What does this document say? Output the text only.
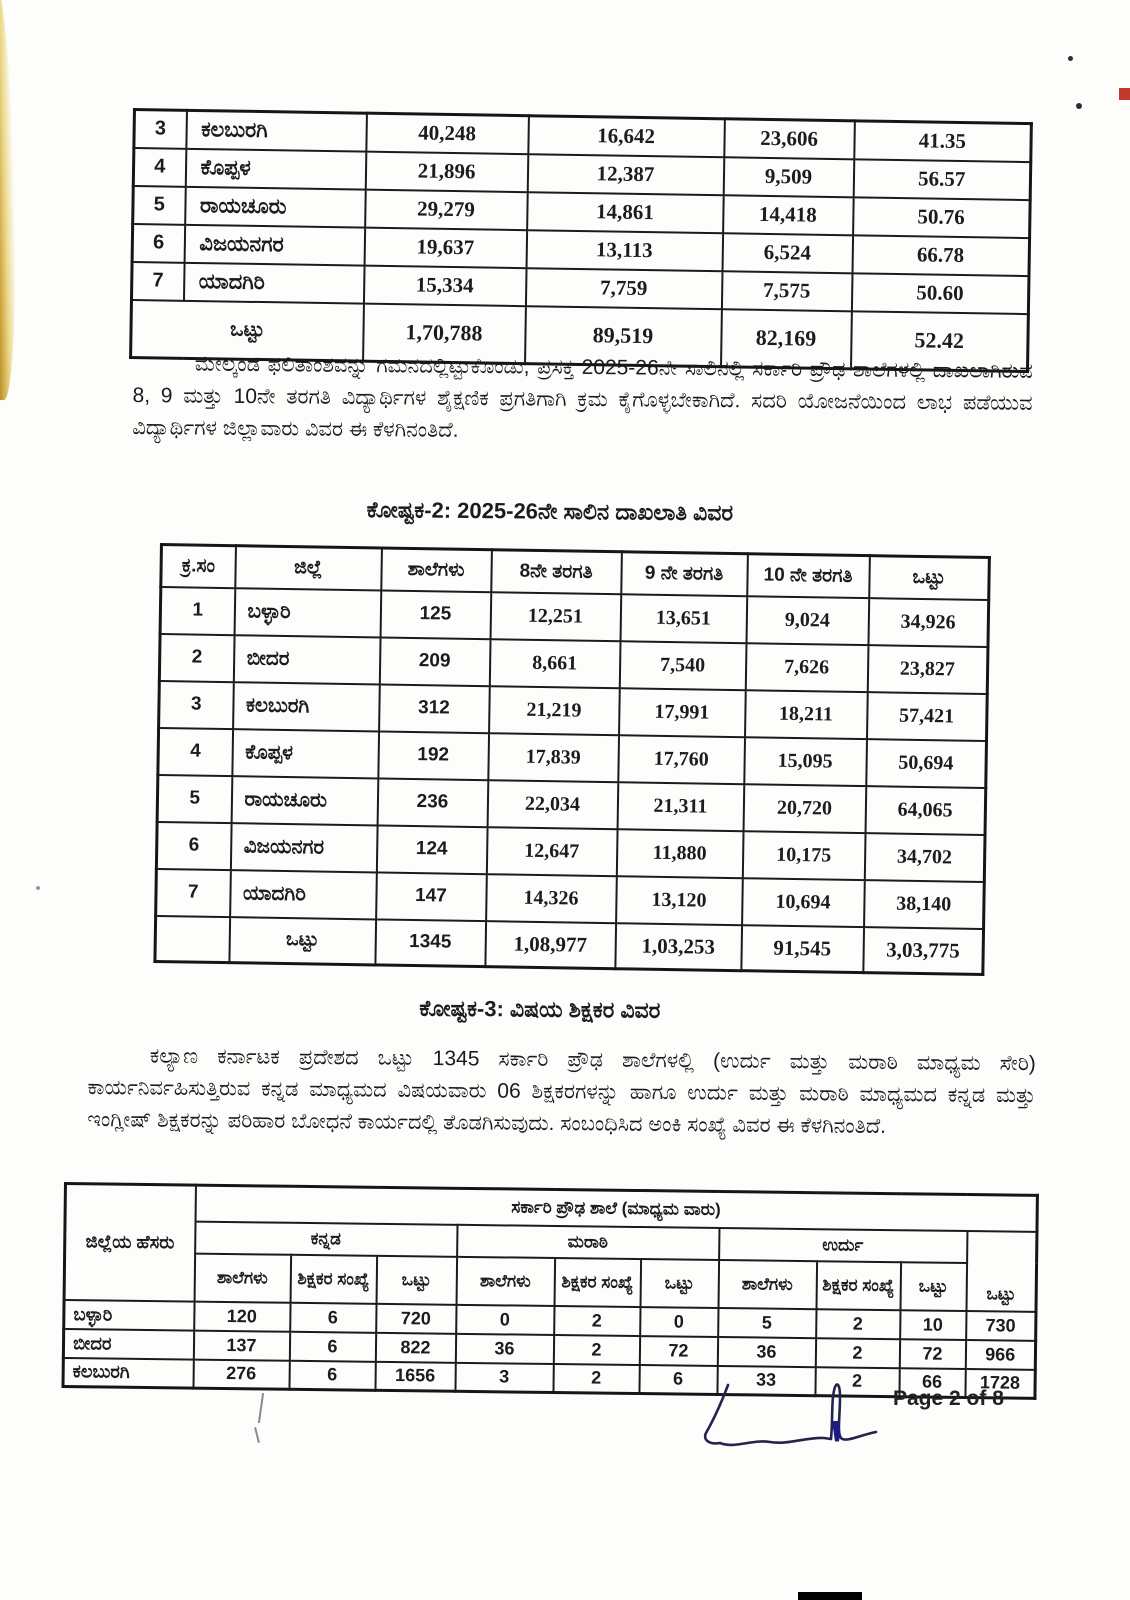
3	ಕಲಬುರಗಿ	40,248	16,642	23,606	41.35
4	ಕೊಪ್ಪಳ	21,896	12,387	9,509	56.57
5	ರಾಯಚೂರು	29,279	14,861	14,418	50.76
6	ವಿಜಯನಗರ	19,637	13,113	6,524	66.78
7	ಯಾದಗಿರಿ	15,334	7,759	7,575	50.60
ಒಟ್ಟು		1,70,788	89,519	82,169	52.42

ಮೇಲ್ಕಂಡ ಫಲಿತಾಂಶವನ್ನು ಗಮನದಲ್ಲಿಟ್ಟುಕೊಂಡು, ಪ್ರಸಕ್ತ 2025-26ನೇ ಸಾಲಿನಲ್ಲಿ ಸರ್ಕಾರಿ ಪ್ರೌಢ ಶಾಲೆಗಳಲ್ಲಿ ದಾಖಲಾಗಿರುವ 8, 9 ಮತ್ತು 10ನೇ ತರಗತಿ ವಿದ್ಯಾರ್ಥಿಗಳ ಶೈಕ್ಷಣಿಕ ಪ್ರಗತಿಗಾಗಿ ಕ್ರಮ ಕೈಗೊಳ್ಳಬೇಕಾಗಿದೆ. ಸದರಿ ಯೋಜನೆಯಿಂದ ಲಾಭ ಪಡೆಯುವ ವಿದ್ಯಾರ್ಥಿಗಳ ಜಿಲ್ಲಾವಾರು ವಿವರ ಈ ಕೆಳಗಿನಂತಿದೆ.

ಕೋಷ್ಟಕ-2: 2025-26ನೇ ಸಾಲಿನ ದಾಖಲಾತಿ ವಿವರ
ಕ್ರ.ಸಂ	ಜಿಲ್ಲೆ	ಶಾಲೆಗಳು	8ನೇ ತರಗತಿ	9 ನೇ ತರಗತಿ	10 ನೇ ತರಗತಿ	ಒಟ್ಟು
1	ಬಳ್ಳಾರಿ	125	12,251	13,651	9,024	34,926
2	ಬೀದರ	209	8,661	7,540	7,626	23,827
3	ಕಲಬುರಗಿ	312	21,219	17,991	18,211	57,421
4	ಕೊಪ್ಪಳ	192	17,839	17,760	15,095	50,694
5	ರಾಯಚೂರು	236	22,034	21,311	20,720	64,065
6	ವಿಜಯನಗರ	124	12,647	11,880	10,175	34,702
7	ಯಾದಗಿರಿ	147	14,326	13,120	10,694	38,140
	ಒಟ್ಟು	1345	1,08,977	1,03,253	91,545	3,03,775
ಕೋಷ್ಟಕ-3: ವಿಷಯ ಶಿಕ್ಷಕರ ವಿವರ

ಕಲ್ಯಾಣ ಕರ್ನಾಟಕ ಪ್ರದೇಶದ ಒಟ್ಟು 1345 ಸರ್ಕಾರಿ ಪ್ರೌಢ ಶಾಲೆಗಳಲ್ಲಿ (ಉರ್ದು ಮತ್ತು ಮರಾಠಿ ಮಾಧ್ಯಮ ಸೇರಿ) ಕಾರ್ಯನಿರ್ವಹಿಸುತ್ತಿರುವ ಕನ್ನಡ ಮಾಧ್ಯಮದ ವಿಷಯವಾರು 06 ಶಿಕ್ಷಕರಗಳನ್ನು ಹಾಗೂ ಉರ್ದು ಮತ್ತು ಮರಾಠಿ ಮಾಧ್ಯಮದ ಕನ್ನಡ ಮತ್ತು ಇಂಗ್ಲೀಷ್ ಶಿಕ್ಷಕರನ್ನು ಪರಿಹಾರ ಬೋಧನೆ ಕಾರ್ಯದಲ್ಲಿ ತೊಡಗಿಸುವುದು. ಸಂಬಂಧಿಸಿದ ಅಂಕಿ ಸಂಖ್ಯೆ ವಿವರ ಈ ಕೆಳಗಿನಂತಿದೆ.

ಜಿಲ್ಲೆಯ ಹೆಸರು	ಸರ್ಕಾರಿ ಪ್ರೌಢ ಶಾಲೆ (ಮಾಧ್ಯಮ ವಾರು)									
	ಕನ್ನಡ			ಮರಾಠಿ			ಉರ್ದು			ಒಟ್ಟು
	ಶಾಲೆಗಳು	ಶಿಕ್ಷಕರ ಸಂಖ್ಯೆ	ಒಟ್ಟು	ಶಾಲೆಗಳು	ಶಿಕ್ಷಕರ ಸಂಖ್ಯೆ	ಒಟ್ಟು	ಶಾಲೆಗಳು	ಶಿಕ್ಷಕರ ಸಂಖ್ಯೆ	ಒಟ್ಟು	
ಬಳ್ಳಾರಿ	120	6	720	0	2	0	5	2	10	730
ಬೀದರ	137	6	822	36	2	72	36	2	72	966
ಕಲಬುರಗಿ	276	6	1656	3	2	6	33	2	66	1728
Page 2 of 8
